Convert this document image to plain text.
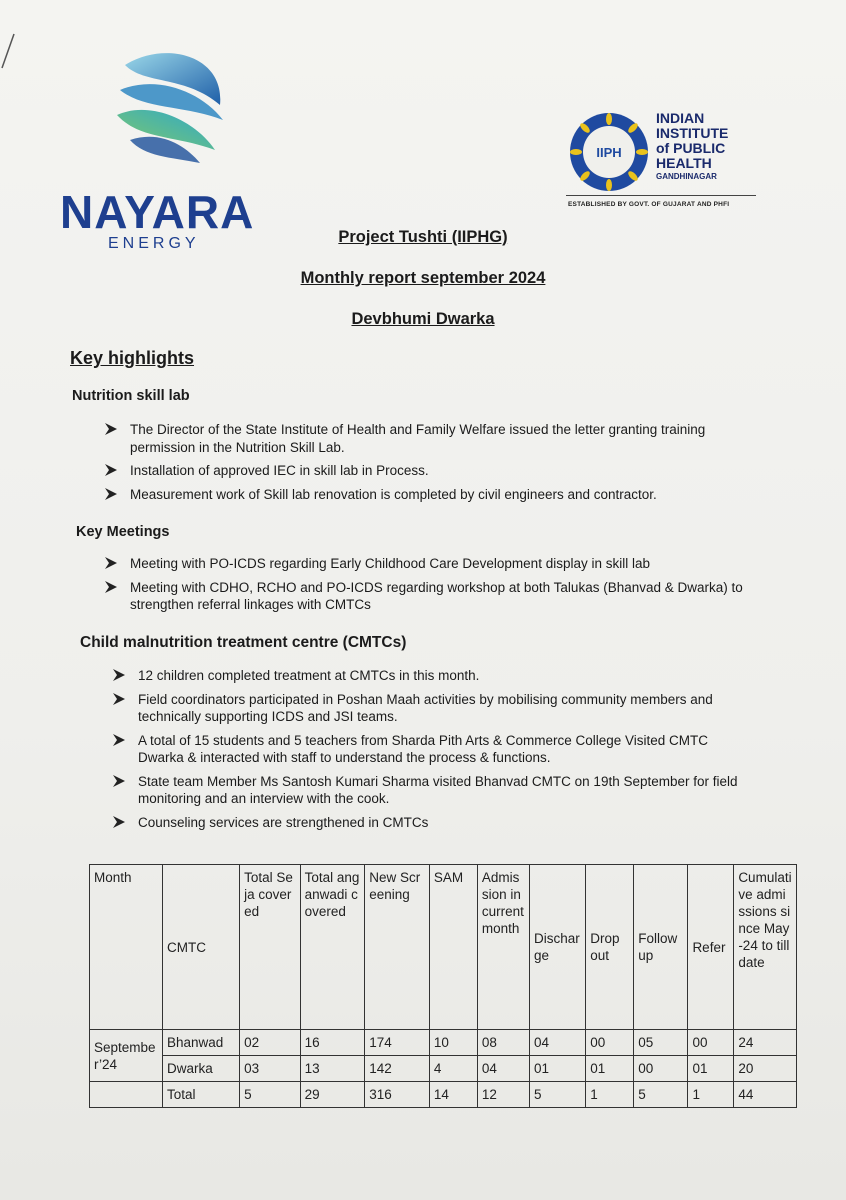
NAYARA
ENERGY
IIPH
INDIAN
INSTITUTE
of PUBLIC
HEALTH
GANDHINAGAR
ESTABLISHED BY GOVT. OF GUJARAT AND PHFI
Project Tushti (IIPHG)
Monthly report september 2024
Devbhumi Dwarka
Key highlights
Nutrition skill lab
The Director of the State Institute of Health and Family Welfare issued the letter granting training permission in the Nutrition Skill Lab.
Installation of approved IEC in skill lab in Process.
Measurement work of Skill lab renovation is completed by civil engineers and contractor.
Key Meetings
Meeting with PO-ICDS regarding Early Childhood Care Development display in skill lab
Meeting with CDHO, RCHO and PO-ICDS regarding workshop at both Talukas (Bhanvad & Dwarka) to strengthen referral linkages with CMTCs
Child malnutrition treatment centre (CMTCs)
12 children completed treatment at CMTCs in this month.
Field coordinators participated in Poshan Maah activities by mobilising community members and technically supporting ICDS and JSI teams.
A total of 15 students and 5 teachers from Sharda Pith Arts & Commerce College Visited CMTC Dwarka & interacted with staff to understand the process & functions.
State team Member Ms Santosh Kumari Sharma visited Bhanvad CMTC on 19th September for field monitoring and an interview with the cook.
Counseling services are strengthened in CMTCs
Month	CMTC	Total Seja covered	Total anganwadi covered	New Screening	SAM	Admission in current month	Discharge	Drop out	Follow up	Refer	Cumulative admissions since May-24 to till date
September’24	Bhanwad	02	16	174	10	08	04	00	05	00	24
	Dwarka	03	13	142	4	04	01	01	00	01	20
	Total	5	29	316	14	12	5	1	5	1	44
